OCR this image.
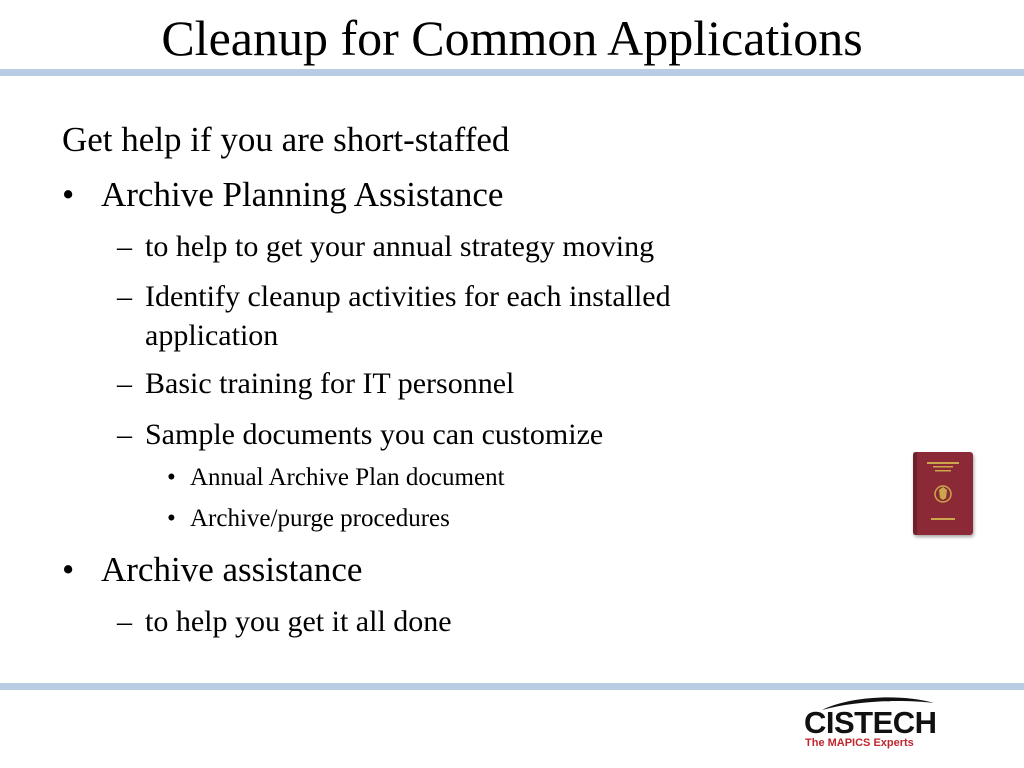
Cleanup for Common Applications
Get help if you are short-staffed
• Archive Planning Assistance
– to help to get your annual strategy moving
– Identify cleanup activities for each installed
application
– Basic training for IT personnel
– Sample documents you can customize
• Annual Archive Plan document
• Archive/purge procedures
• Archive assistance
– to help you get it all done
CISTECH
The MAPICS Experts
